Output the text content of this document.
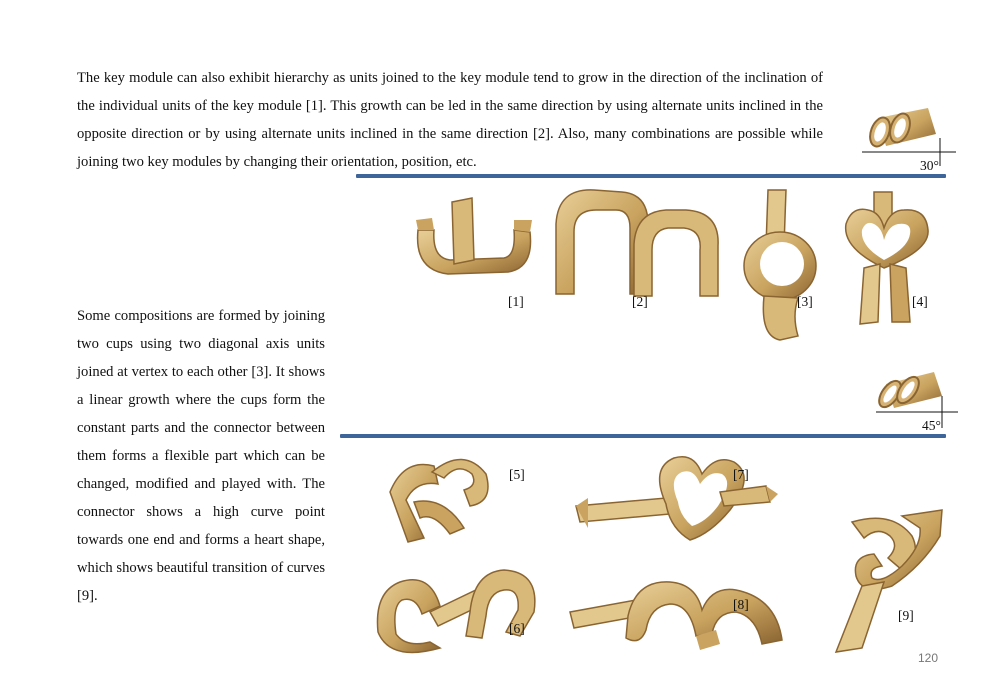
The key module can also exhibit hierarchy as units joined to the key module tend to grow in the direction of the inclination of the individual units of the key module [1]. This growth can be led in the same direction by using alternate units inclined in the opposite direction or by using alternate units inclined in the same direction [2]. Also, many combinations are possible while joining two key modules by changing their orientation, position, etc.

Some compositions are formed by joining two cups using two diagonal axis units joined at vertex to each other [3]. It shows a linear growth where the cups form the constant parts and the connector between them forms a flexible part which can be changed, modified and played with. The connector shows a high curve point towards one end and forms a heart shape, which shows beautiful transition of curves [9].

30°
45°
[1]	[2]	[3]	[4]
[5]
[6]
[7]
[8]
[9]
120
